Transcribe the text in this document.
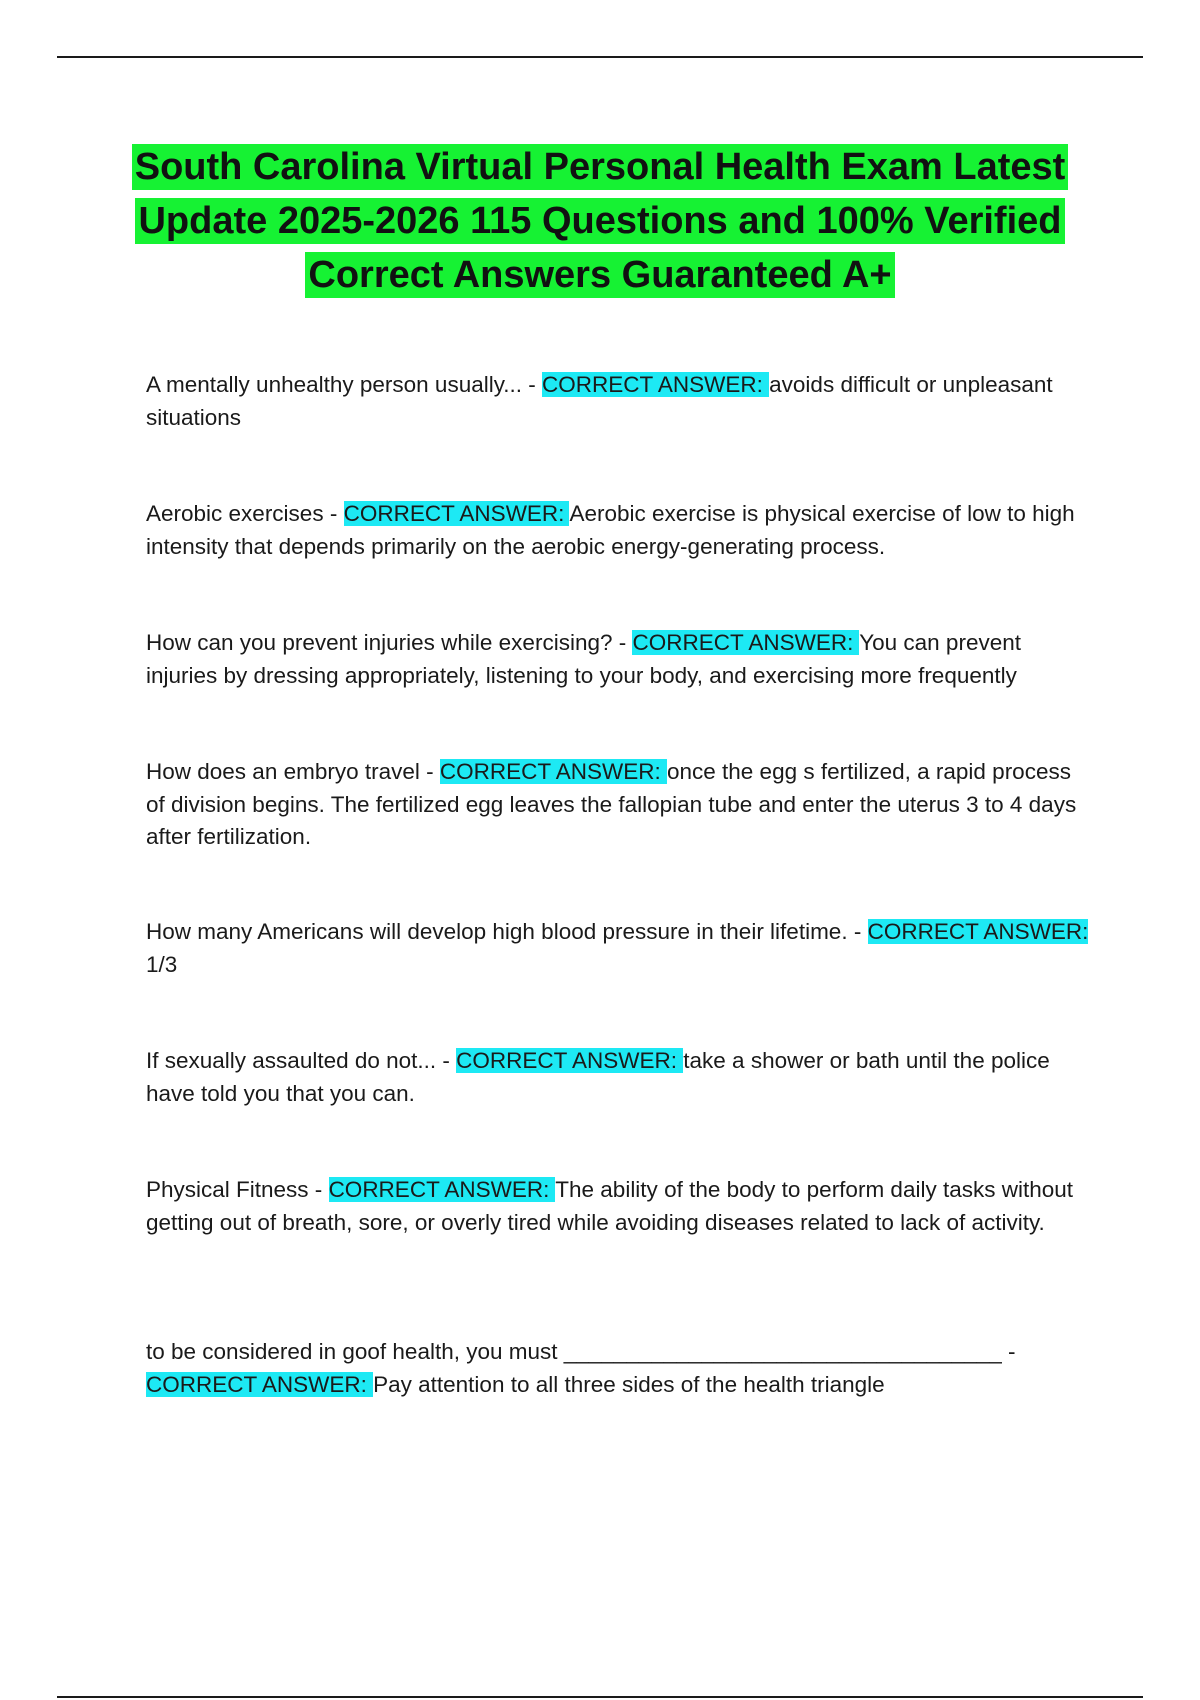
South Carolina Virtual Personal Health Exam Latest Update 2025-2026 115 Questions and 100% Verified Correct Answers Guaranteed A+

A mentally unhealthy person usually... - CORRECT ANSWER: avoids difficult or unpleasant situations

Aerobic exercises - CORRECT ANSWER: Aerobic exercise is physical exercise of low to high intensity that depends primarily on the aerobic energy-generating process.

How can you prevent injuries while exercising? - CORRECT ANSWER: You can prevent injuries by dressing appropriately, listening to your body, and exercising more frequently

How does an embryo travel - CORRECT ANSWER: once the egg s fertilized, a rapid process of division begins. The fertilized egg leaves the fallopian tube and enter the uterus 3 to 4 days after fertilization.

How many Americans will develop high blood pressure in their lifetime. - CORRECT ANSWER: 1/3

If sexually assaulted do not... - CORRECT ANSWER: take a shower or bath until the police have told you that you can.

Physical Fitness - CORRECT ANSWER: The ability of the body to perform daily tasks without getting out of breath, sore, or overly tired while avoiding diseases related to lack of activity.

to be considered in goof health, you must ___________________________________ - CORRECT ANSWER: Pay attention to all three sides of the health triangle
